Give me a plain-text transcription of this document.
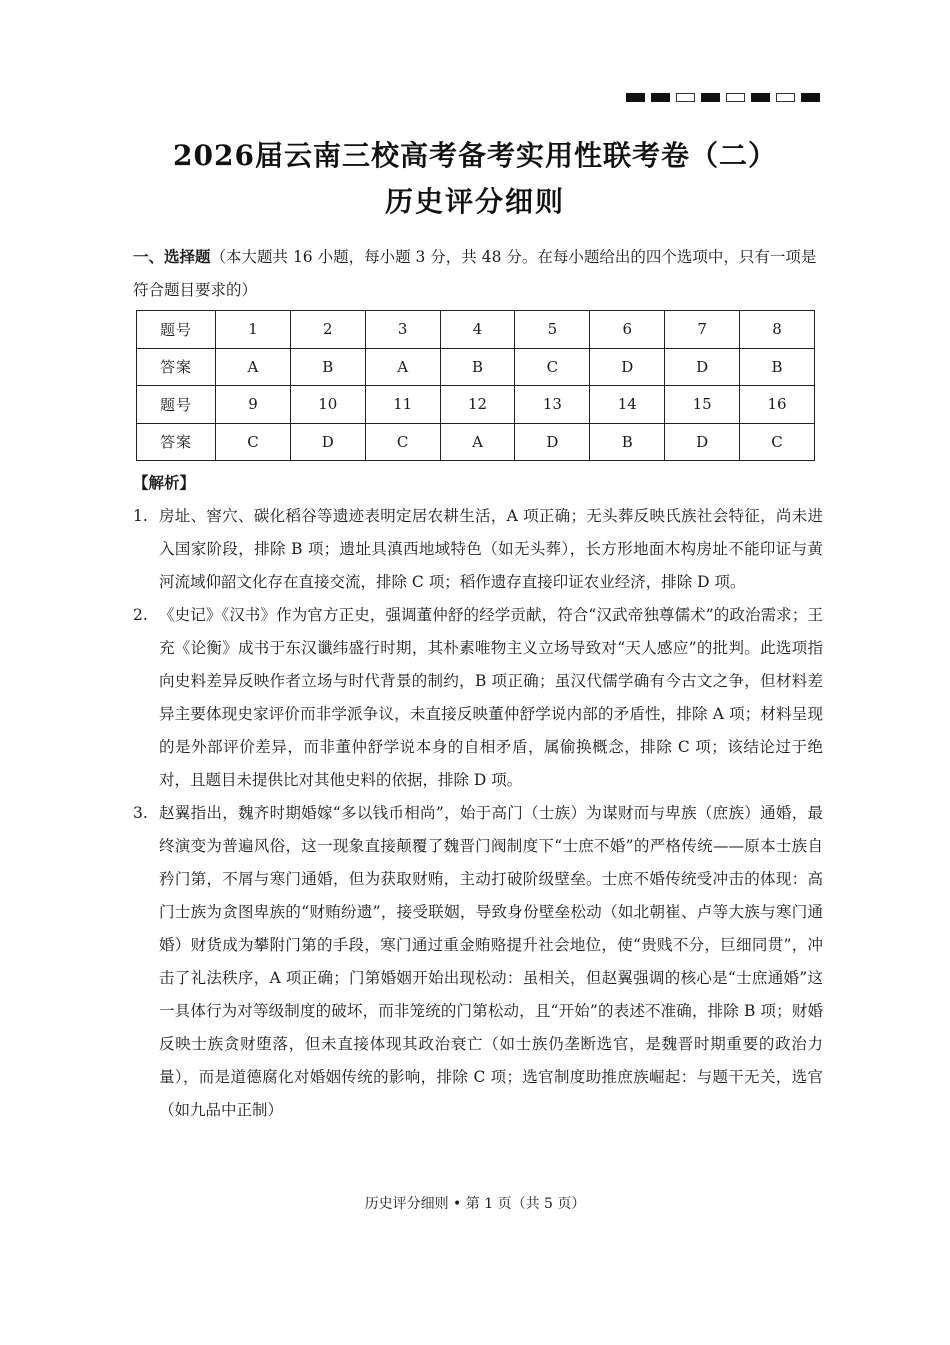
2026届云南三校高考备考实用性联考卷（二）
历史评分细则
一、选择题（本大题共 16 小题，每小题 3 分，共 48 分。在每小题给出的四个选项中，只有一项是符合题目要求的）
题号	1	2	3	4	5	6	7	8
答案	A	B	A	B	C	D	D	B
题号	9	10	11	12	13	14	15	16
答案	C	D	C	A	D	B	D	C
【解析】

1. 房址、窖穴、碳化稻谷等遗迹表明定居农耕生活，A 项正确；无头葬反映氏族社会特征，尚未进入国家阶段，排除 B 项；遗址具滇西地域特色（如无头葬），长方形地面木构房址不能印证与黄河流域仰韶文化存在直接交流，排除 C 项；稻作遗存直接印证农业经济，排除 D 项。

2. 《史记》《汉书》作为官方正史，强调董仲舒的经学贡献，符合“汉武帝独尊儒术”的政治需求；王充《论衡》成书于东汉谶纬盛行时期，其朴素唯物主义立场导致对“天人感应”的批判。此选项指向史料差异反映作者立场与时代背景的制约，B 项正确；虽汉代儒学确有今古文之争，但材料差异主要体现史家评价而非学派争议，未直接反映董仲舒学说内部的矛盾性，排除 A 项；材料呈现的是外部评价差异，而非董仲舒学说本身的自相矛盾，属偷换概念，排除 C 项；该结论过于绝对，且题目未提供比对其他史料的依据，排除 D 项。

3. 赵翼指出，魏齐时期婚嫁“多以钱币相尚”，始于高门（士族）为谋财而与卑族（庶族）通婚，最终演变为普遍风俗，这一现象直接颠覆了魏晋门阀制度下“士庶不婚”的严格传统——原本士族自矜门第，不屑与寒门通婚，但为获取财贿，主动打破阶级壁垒。士庶不婚传统受冲击的体现：高门士族为贪图卑族的“财贿纷遗”，接受联姻，导致身份壁垒松动（如北朝崔、卢等大族与寒门通婚）财货成为攀附门第的手段，寒门通过重金贿赂提升社会地位，使“贵贱不分，巨细同贯”，冲击了礼法秩序，A 项正确；门第婚姻开始出现松动：虽相关，但赵翼强调的核心是“士庶通婚”这一具体行为对等级制度的破坏，而非笼统的门第松动，且“开始”的表述不准确，排除 B 项；财婚反映士族贪财堕落，但未直接体现其政治衰亡（如士族仍垄断选官，是魏晋时期重要的政治力量），而是道德腐化对婚姻传统的影响，排除 C 项；选官制度助推庶族崛起：与题干无关，选官（如九品中正制）

历史评分细则 • 第 1 页（共 5 页）
